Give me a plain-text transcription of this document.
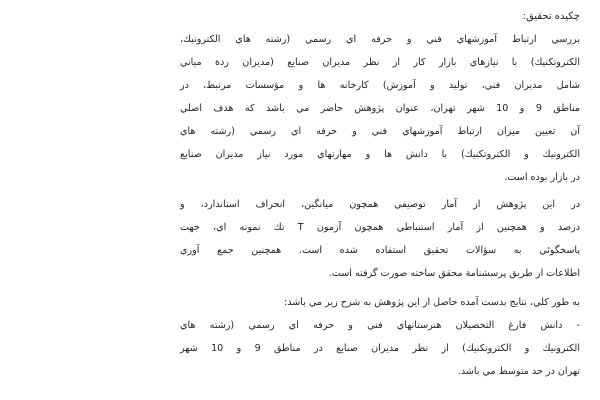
چكيده تحقيق:

بررسي ارتباط آموزشهاي فني و حرفه اي رسمي (رشته هاي الكترونيك،
الكتروتكنيك) با نيازهاي بازار كار از نظر مديران صنايع (مديران ردة مياني
شامل مديران فني، توليد و آموزش) كارخانه ها و مؤسسات مرتبط، در
مناطق 9 و 10 شهر تهران، عنوان پژوهش حاضر مي باشد كه هدف اصلي
آن تعيين ميزان ارتباط آموزشهاي فني و حرفه اي رسمي (رشته هاي
الكترونيك و الكتروتكنيك) با دانش ها و مهارتهاي مورد نياز مديران صنايع
در بازار بوده است.

در اين پژوهش از آمار توصيفي همچون ميانگين، انحراف استاندارد، و
درصد و همچنين از آمار استنباطي همچون آزمون T تك نمونه اي، جهت
پاسخگوئي به سؤالات تحقيق استفاده شده است. همچنين جمع آوري
اطلاعات از طريق پرسشنامة محقق ساخته صورت گرفته است.

به طور كلي، نتايج بدست آمده حاصل از اين پژوهش به شرح زير مي باشد:
- دانش فارغ التحصيلان هنرستانهاي فني و حرفه اي رسمي (رشته هاي
الكترونيك و الكتروتكنيك) از نظر مديران صنايع در مناطق 9 و 10 شهر
تهران در حد متوسط مي باشد.
